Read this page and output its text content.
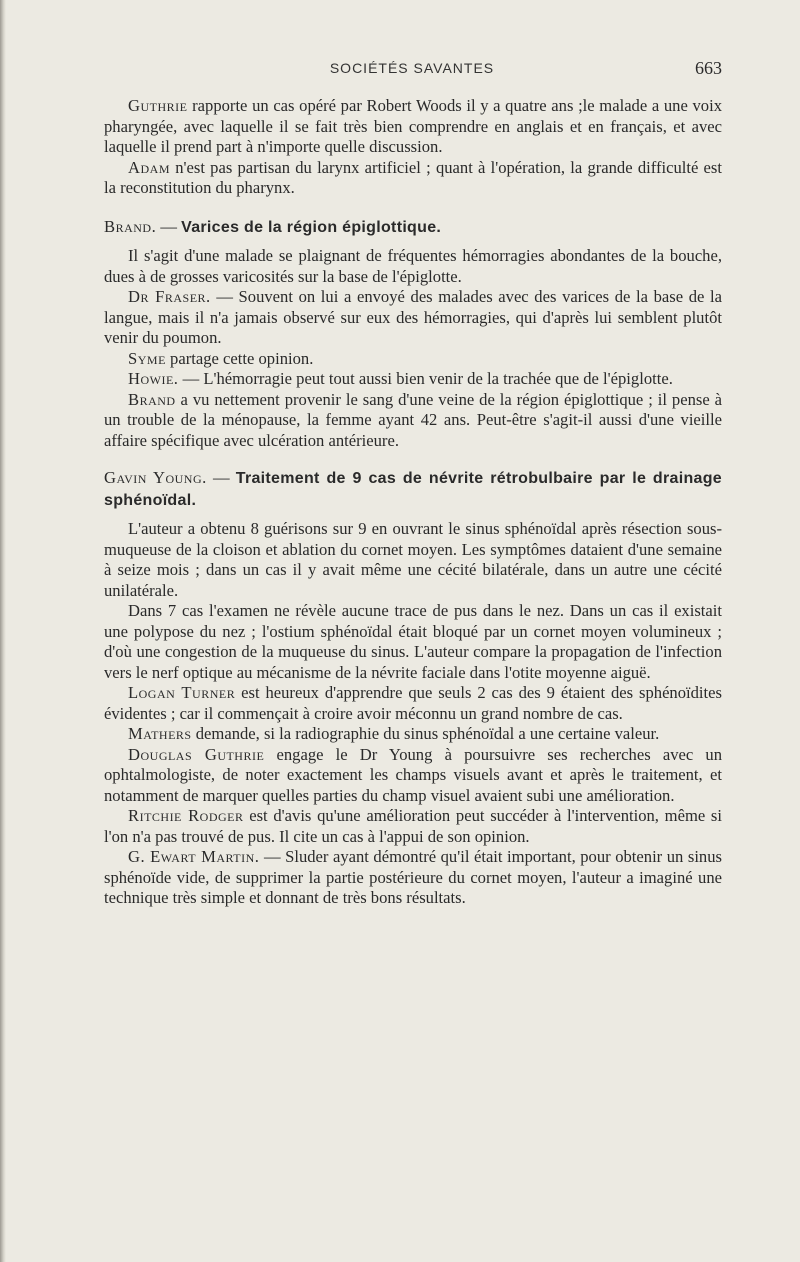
SOCIÉTÉS SAVANTES	663

Guthrie rapporte un cas opéré par Robert Woods il y a quatre ans ;le malade a une voix pharyngée, avec laquelle il se fait très bien comprendre en anglais et en français, et avec laquelle il prend part à n'importe quelle discussion.

Adam n'est pas partisan du larynx artificiel ; quant à l'opération, la grande difficulté est la reconstitution du pharynx.

Brand. — Varices de la région épiglottique.

Il s'agit d'une malade se plaignant de fréquentes hémorragies abondantes de la bouche, dues à de grosses varicosités sur la base de l'épiglotte.

Dr Fraser. — Souvent on lui a envoyé des malades avec des varices de la base de la langue, mais il n'a jamais observé sur eux des hémorragies, qui d'après lui semblent plutôt venir du poumon.

Syme partage cette opinion.

Howie. — L'hémorragie peut tout aussi bien venir de la trachée que de l'épiglotte.

Brand a vu nettement provenir le sang d'une veine de la région épiglottique ; il pense à un trouble de la ménopause, la femme ayant 42 ans. Peut-être s'agit-il aussi d'une vieille affaire spécifique avec ulcération antérieure.

Gavin Young. — Traitement de 9 cas de névrite rétrobulbaire par le drainage sphénoïdal.

L'auteur a obtenu 8 guérisons sur 9 en ouvrant le sinus sphénoïdal après résection sous-muqueuse de la cloison et ablation du cornet moyen. Les symptômes dataient d'une semaine à seize mois ; dans un cas il y avait même une cécité bilatérale, dans un autre une cécité unilatérale.

Dans 7 cas l'examen ne révèle aucune trace de pus dans le nez. Dans un cas il existait une polypose du nez ; l'ostium sphénoïdal était bloqué par un cornet moyen volumineux ; d'où une congestion de la muqueuse du sinus. L'auteur compare la propagation de l'infection vers le nerf optique au mécanisme de la névrite faciale dans l'otite moyenne aiguë.

Logan Turner est heureux d'apprendre que seuls 2 cas des 9 étaient des sphénoïdites évidentes ; car il commençait à croire avoir méconnu un grand nombre de cas.

Mathers demande, si la radiographie du sinus sphénoïdal a une certaine valeur.

Douglas Guthrie engage le Dr Young à poursuivre ses recherches avec un ophtalmologiste, de noter exactement les champs visuels avant et après le traitement, et notamment de marquer quelles parties du champ visuel avaient subi une amélioration.

Ritchie Rodger est d'avis qu'une amélioration peut succéder à l'intervention, même si l'on n'a pas trouvé de pus. Il cite un cas à l'appui de son opinion.

G. Ewart Martin. — Sluder ayant démontré qu'il était important, pour obtenir un sinus sphénoïde vide, de supprimer la partie postérieure du cornet moyen, l'auteur a imaginé une technique très simple et donnant de très bons résultats.
